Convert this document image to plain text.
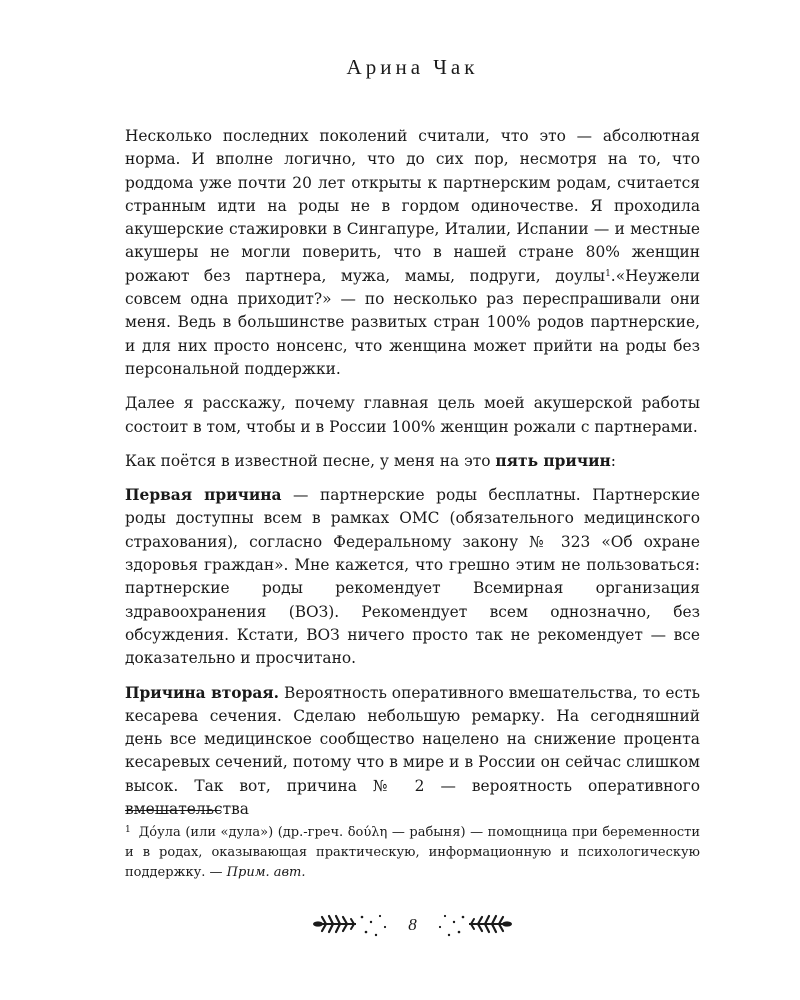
Арина Чак

Несколько последних поколений считали, что это — абсолютная норма. И вполне логично, что до сих пор, несмотря на то, что роддома уже почти 20 лет открыты к партнерским родам, считается странным идти на роды не в гордом одиночестве. Я проходила акушерские стажировки в Сингапуре, Италии, Испании — и местные акушеры не могли поверить, что в нашей стране 80% женщин рожают без партнера, мужа, мамы, подруги, доулы$^1$.«Неужели совсем одна приходит?» — по несколько раз переспрашивали они меня. Ведь в большинстве развитых стран 100% родов партнерские, и для них просто нонсенс, что женщина может прийти на роды без персональной поддержки.

Далее я расскажу, почему главная цель моей акушерской работы состоит в том, чтобы и в России 100% женщин рожали с партнерами.

Как поётся в известной песне, у меня на это пять причин:

Первая причина — партнерские роды бесплатны. Партнерские роды доступны всем в рамках ОМС (обязательного медицинского страхования), согласно Федеральному закону № 323 «Об охране здоровья граждан». Мне кажется, что грешно этим не пользоваться: партнерские роды рекомендует Всемирная организация здравоохранения (ВОЗ). Рекомендует всем однозначно, без обсуждения. Кстати, ВОЗ ничего просто так не рекомендует — все доказательно и просчитано.

Причина вторая. Вероятность оперативного вмешательства, то есть кесарева сечения. Сделаю небольшую ремарку. На сегодняшний день все медицинское сообщество нацелено на снижение процента кесаревых сечений, потому что в мире и в России он сейчас слишком высок. Так вот, причина № 2 — вероятность оперативного вмешательства

$^1$ Дóула (или «дула») (др.-греч. δούλη — рабыня) — помощница при беременности и в родах, оказывающая практическую, информационную и психологическую поддержку. — Прим. авт.
8
